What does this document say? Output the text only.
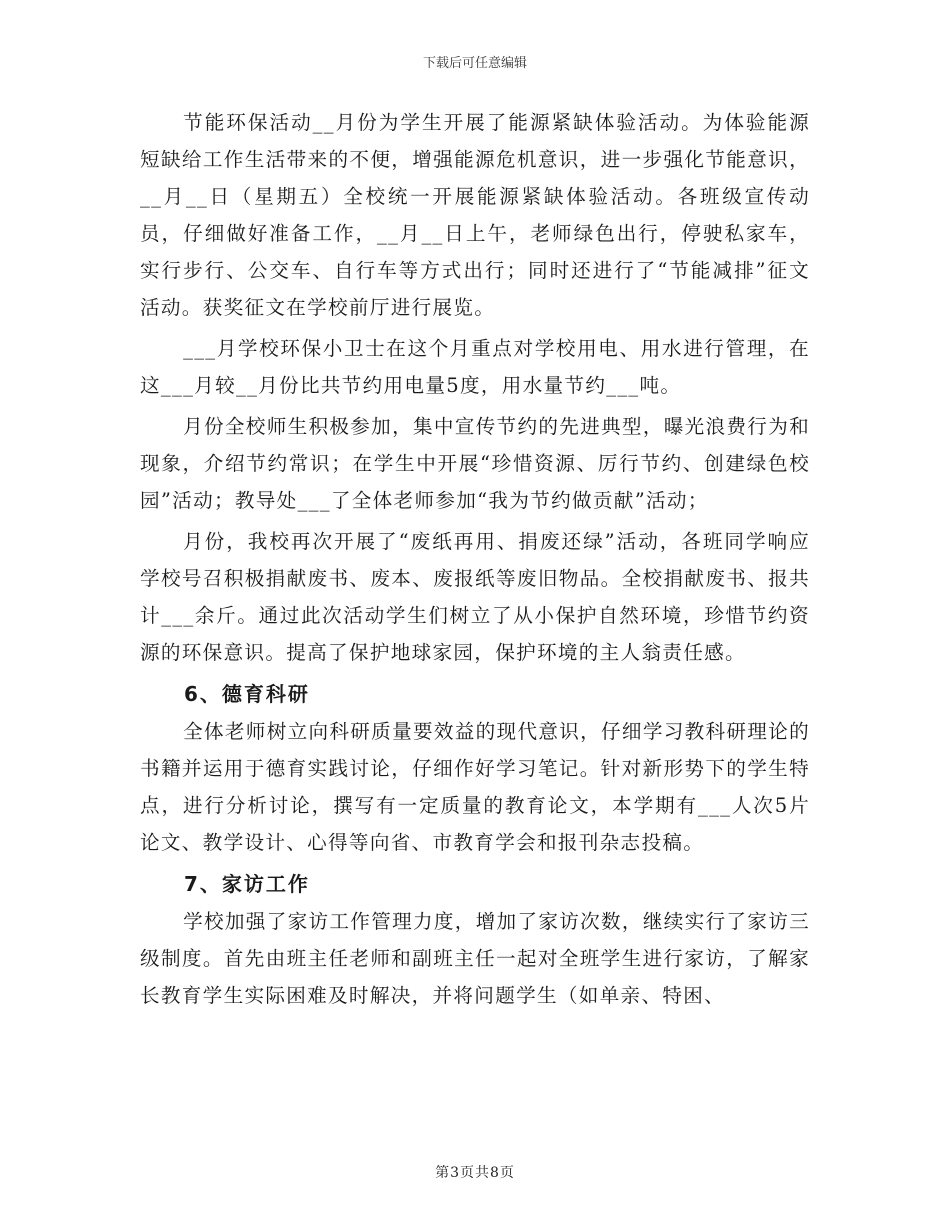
下载后可任意编辑

节能环保活动__月份为学生开展了能源紧缺体验活动。为体验能源短缺给工作生活带来的不便，增强能源危机意识，进一步强化节能意识，__月__日（星期五）全校统一开展能源紧缺体验活动。各班级宣传动员，仔细做好准备工作，__月__日上午，老师绿色出行，停驶私家车，实行步行、公交车、自行车等方式出行；同时还进行了“节能减排”征文活动。获奖征文在学校前厅进行展览。

___月学校环保小卫士在这个月重点对学校用电、用水进行管理，在这___月较__月份比共节约用电量5度，用水量节约___吨。

月份全校师生积极参加，集中宣传节约的先进典型，曝光浪费行为和现象，介绍节约常识；在学生中开展“珍惜资源、厉行节约、创建绿色校园”活动；教导处___了全体老师参加“我为节约做贡献”活动；

月份，我校再次开展了“废纸再用、捐废还绿”活动，各班同学响应学校号召积极捐献废书、废本、废报纸等废旧物品。全校捐献废书、报共计___余斤。通过此次活动学生们树立了从小保护自然环境，珍惜节约资源的环保意识。提高了保护地球家园，保护环境的主人翁责任感。

6、德育科研

全体老师树立向科研质量要效益的现代意识，仔细学习教科研理论的书籍并运用于德育实践讨论，仔细作好学习笔记。针对新形势下的学生特点，进行分析讨论，撰写有一定质量的教育论文，本学期有___人次5片论文、教学设计、心得等向省、市教育学会和报刊杂志投稿。

7、家访工作

学校加强了家访工作管理力度，增加了家访次数，继续实行了家访三级制度。首先由班主任老师和副班主任一起对全班学生进行家访，了解家长教育学生实际困难及时解决，并将问题学生（如单亲、特困、

第3页共8页
